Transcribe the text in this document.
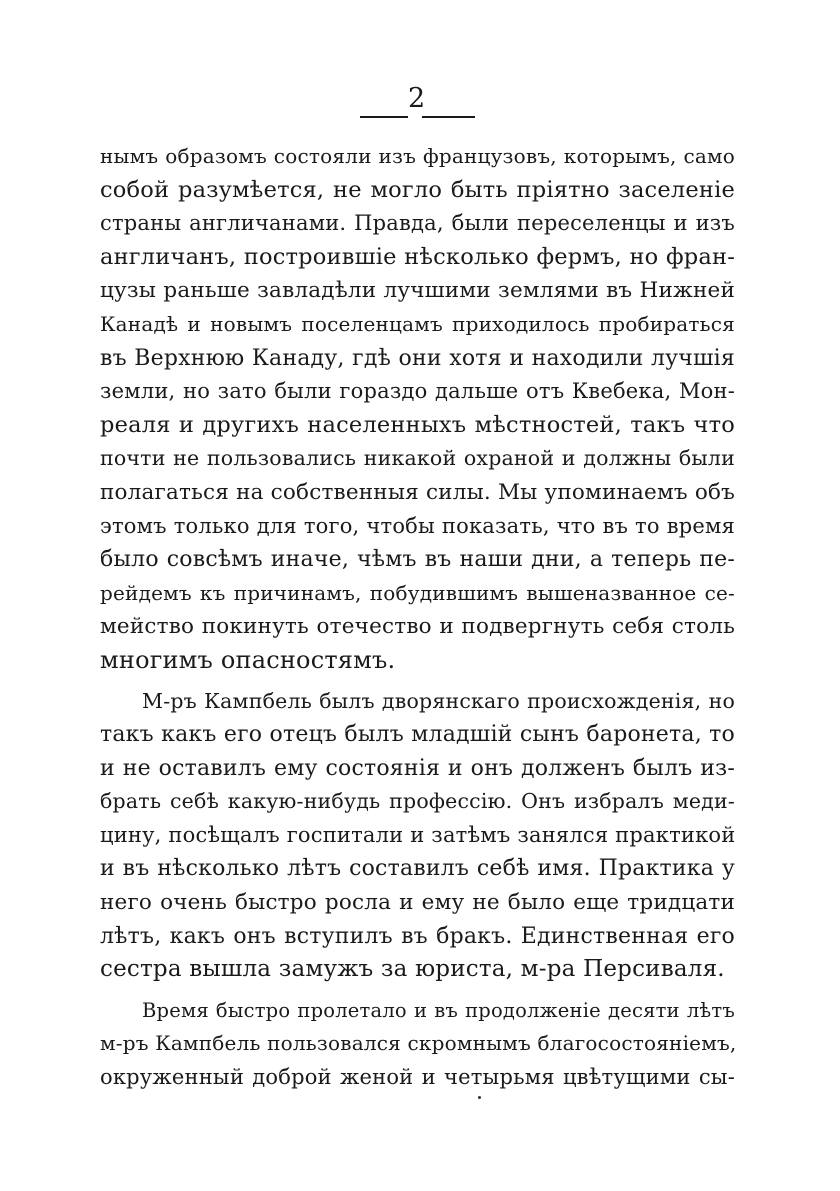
2
нымъ образомъ состояли изъ французовъ, которымъ, само
собой разумѣется, не могло быть пріятно заселеніе
страны англичанами. Правда, были переселенцы и изъ
англичанъ, построившіе нѣсколько фермъ, но фран-
цузы раньше завладѣли лучшими землями въ Нижней
Канадѣ и новымъ поселенцамъ приходилось пробираться
въ Верхнюю Канаду, гдѣ они хотя и находили лучшія
земли, но зато были гораздо дальше отъ Квебека, Мон-
реаля и другихъ населенныхъ мѣстностей, такъ что
почти не пользовались никакой охраной и должны были
полагаться на собственныя силы. Мы упоминаемъ объ
этомъ только для того, чтобы показать, что въ то время
было совсѣмъ иначе, чѣмъ въ наши дни, а теперь пе-
рейдемъ къ причинамъ, побудившимъ вышеназванное се-
мейство покинуть отечество и подвергнуть себя столь
многимъ опасностямъ.
М-ръ Кампбель былъ дворянскаго происхожденія, но
такъ какъ его отецъ былъ младшій сынъ баронета, то
и не оставилъ ему состоянія и онъ долженъ былъ из-
брать себѣ какую-нибудь профессію. Онъ избралъ меди-
цину, посѣщалъ госпитали и затѣмъ занялся практикой
и въ нѣсколько лѣтъ составилъ себѣ имя. Практика у
него очень быстро росла и ему не было еще тридцати
лѣтъ, какъ онъ вступилъ въ бракъ. Единственная его
сестра вышла замужъ за юриста, м-ра Персиваля.
Время быстро пролетало и въ продолженіе десяти лѣтъ
м-ръ Кампбель пользовался скромнымъ благосостояніемъ,
окруженный доброй женой и четырьмя цвѣтущими сы-
